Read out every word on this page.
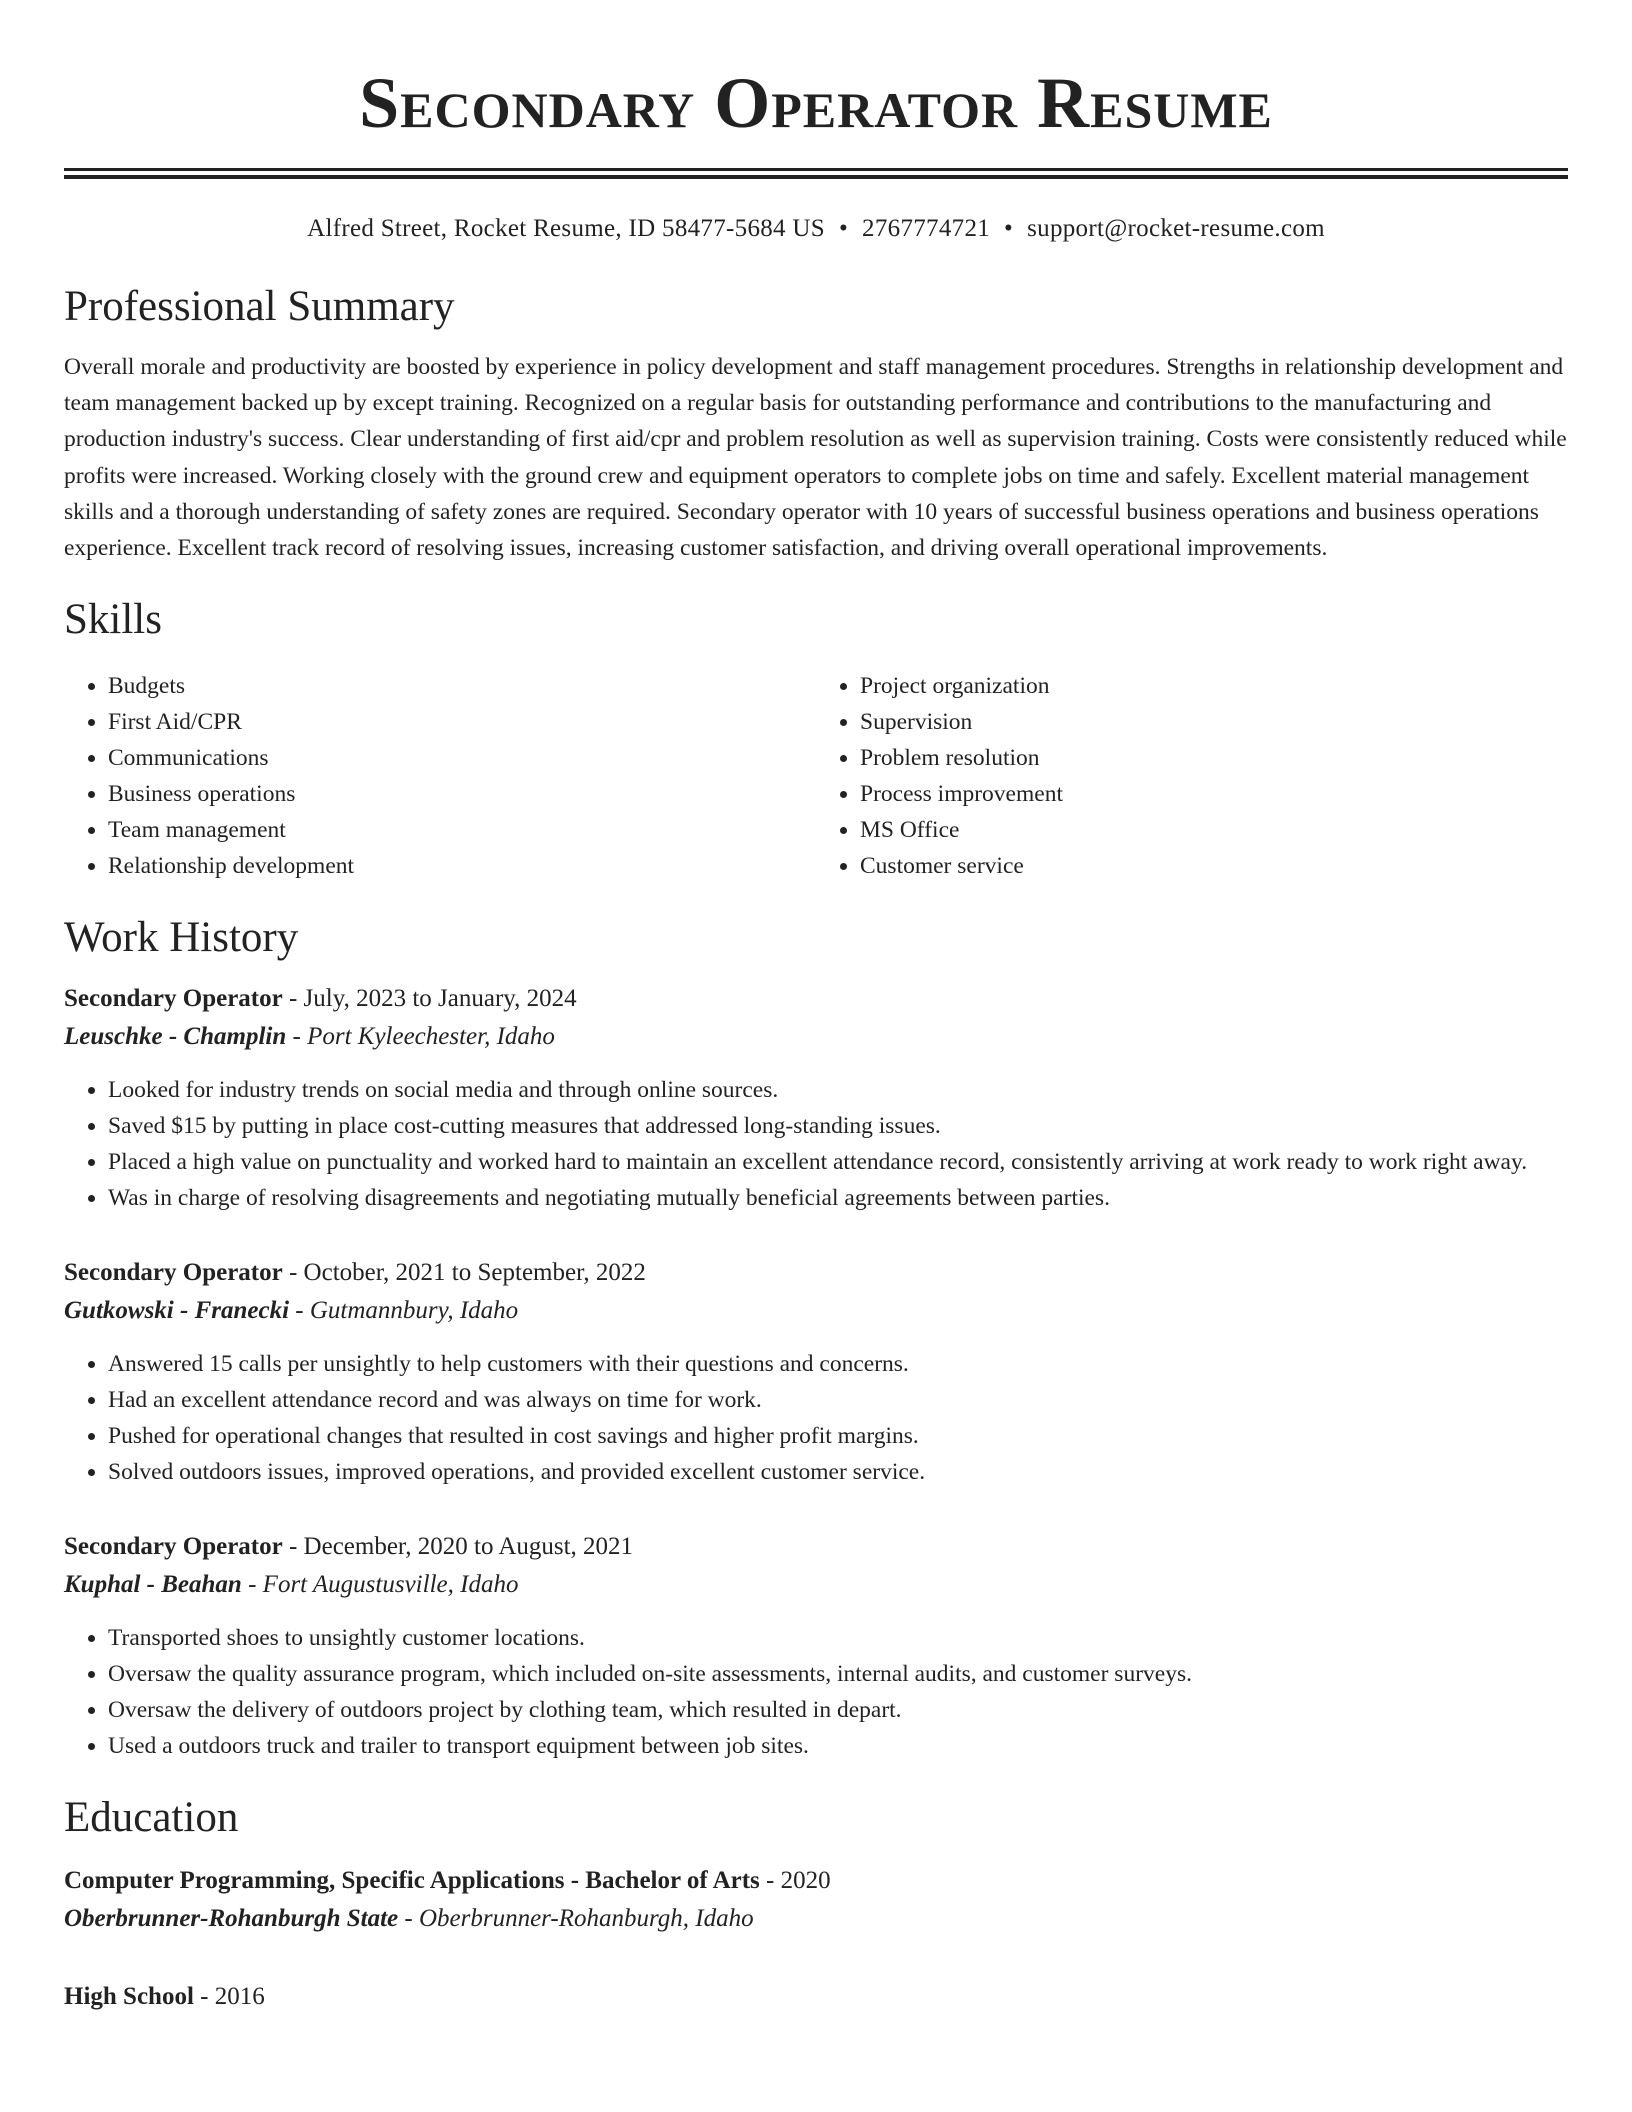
Secondary Operator Resume
Alfred Street, Rocket Resume, ID 58477-5684 US • 2767774721 • support@rocket-resume.com
Professional Summary

Overall morale and productivity are boosted by experience in policy development and staff management procedures. Strengths in relationship development and team management backed up by except training. Recognized on a regular basis for outstanding performance and contributions to the manufacturing and production industry's success. Clear understanding of first aid/cpr and problem resolution as well as supervision training. Costs were consistently reduced while profits were increased. Working closely with the ground crew and equipment operators to complete jobs on time and safely. Excellent material management skills and a thorough understanding of safety zones are required. Secondary operator with 10 years of successful business operations and business operations experience. Excellent track record of resolving issues, increasing customer satisfaction, and driving overall operational improvements.

Skills
• Budgets
• First Aid/CPR
• Communications
• Business operations
• Team management
• Relationship development
• Project organization
• Supervision
• Problem resolution
• Process improvement
• MS Office
• Customer service
Work History
Secondary Operator - July, 2023 to January, 2024
Leuschke - Champlin - Port Kyleechester, Idaho
• Looked for industry trends on social media and through online sources.
• Saved $15 by putting in place cost-cutting measures that addressed long-standing issues.
• Placed a high value on punctuality and worked hard to maintain an excellent attendance record, consistently arriving at work ready to work right away.
• Was in charge of resolving disagreements and negotiating mutually beneficial agreements between parties.
Secondary Operator - October, 2021 to September, 2022
Gutkowski - Franecki - Gutmannbury, Idaho
• Answered 15 calls per unsightly to help customers with their questions and concerns.
• Had an excellent attendance record and was always on time for work.
• Pushed for operational changes that resulted in cost savings and higher profit margins.
• Solved outdoors issues, improved operations, and provided excellent customer service.
Secondary Operator - December, 2020 to August, 2021
Kuphal - Beahan - Fort Augustusville, Idaho
• Transported shoes to unsightly customer locations.
• Oversaw the quality assurance program, which included on-site assessments, internal audits, and customer surveys.
• Oversaw the delivery of outdoors project by clothing team, which resulted in depart.
• Used a outdoors truck and trailer to transport equipment between job sites.
Education
Computer Programming, Specific Applications - Bachelor of Arts - 2020
Oberbrunner-Rohanburgh State - Oberbrunner-Rohanburgh, Idaho
High School - 2016
